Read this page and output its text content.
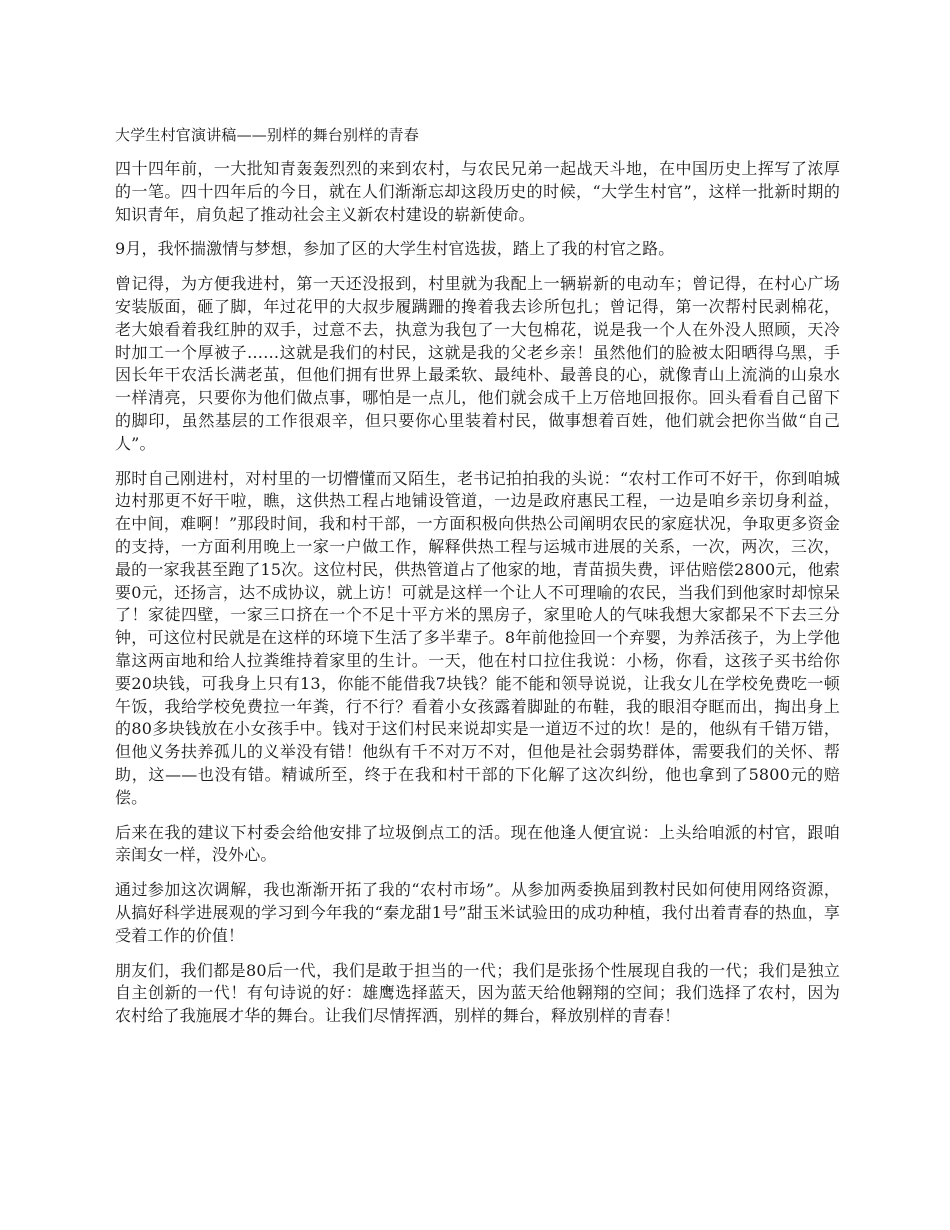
大学生村官演讲稿——别样的舞台别样的青春

四十四年前，一大批知青轰轰烈烈的来到农村，与农民兄弟一起战天斗地，在中国历史上挥写了浓厚的一笔。四十四年后的今日，就在人们渐渐忘却这段历史的时候，“大学生村官”，这样一批新时期的知识青年，肩负起了推动社会主义新农村建设的崭新使命。

9月，我怀揣激情与梦想，参加了区的大学生村官选拔，踏上了我的村官之路。

曾记得，为方便我进村，第一天还没报到，村里就为我配上一辆崭新的电动车；曾记得，在村心广场安装版面，砸了脚，年过花甲的大叔步履蹒跚的搀着我去诊所包扎；曾记得，第一次帮村民剥棉花，老大娘看着我红肿的双手，过意不去，执意为我包了一大包棉花，说是我一个人在外没人照顾，天冷时加工一个厚被子……这就是我们的村民，这就是我的父老乡亲！虽然他们的脸被太阳晒得乌黑，手因长年干农活长满老茧，但他们拥有世界上最柔软、最纯朴、最善良的心，就像青山上流淌的山泉水一样清亮，只要你为他们做点事，哪怕是一点儿，他们就会成千上万倍地回报你。回头看看自己留下的脚印，虽然基层的工作很艰辛，但只要你心里装着村民，做事想着百姓，他们就会把你当做“自己人”。

那时自己刚进村，对村里的一切懵懂而又陌生，老书记拍拍我的头说：“农村工作可不好干，你到咱城边村那更不好干啦，瞧，这供热工程占地铺设管道，一边是政府惠民工程，一边是咱乡亲切身利益，在中间，难啊！”那段时间，我和村干部，一方面积极向供热公司阐明农民的家庭状况，争取更多资金的支持，一方面利用晚上一家一户做工作，解释供热工程与运城市进展的关系，一次，两次，三次，最的一家我甚至跑了15次。这位村民，供热管道占了他家的地，青苗损失费，评估赔偿2800元，他索要0元，还扬言，达不成协议，就上访！可就是这样一个让人不可理喻的农民，当我们到他家时却惊呆了！家徒四壁，一家三口挤在一个不足十平方米的黑房子，家里呛人的气味我想大家都呆不下去三分钟，可这位村民就是在这样的环境下生活了多半辈子。8年前他捡回一个弃婴，为养活孩子，为上学他靠这两亩地和给人拉粪维持着家里的生计。一天，他在村口拉住我说：小杨，你看，这孩子买书给你要20块钱，可我身上只有13，你能不能借我7块钱？能不能和领导说说，让我女儿在学校免费吃一顿午饭，我给学校免费拉一年粪，行不行？看着小女孩露着脚趾的布鞋，我的眼泪夺眶而出，掏出身上的80多块钱放在小女孩手中。钱对于这们村民来说却实是一道迈不过的坎！是的，他纵有千错万错，但他义务扶养孤儿的义举没有错！他纵有千不对万不对，但他是社会弱势群体，需要我们的关怀、帮助，这——也没有错。精诚所至，终于在我和村干部的下化解了这次纠纷，他也拿到了5800元的赔偿。

后来在我的建议下村委会给他安排了垃圾倒点工的活。现在他逢人便宜说：上头给咱派的村官，跟咱亲闺女一样，没外心。

通过参加这次调解，我也渐渐开拓了我的“农村市场”。从参加两委换届到教村民如何使用网络资源，从搞好科学进展观的学习到今年我的“秦龙甜1号”甜玉米试验田的成功种植，我付出着青春的热血，享受着工作的价值！

朋友们，我们都是80后一代，我们是敢于担当的一代；我们是张扬个性展现自我的一代；我们是独立自主创新的一代！有句诗说的好：雄鹰选择蓝天，因为蓝天给他翱翔的空间；我们选择了农村，因为农村给了我施展才华的舞台。让我们尽情挥洒，别样的舞台，释放别样的青春！
